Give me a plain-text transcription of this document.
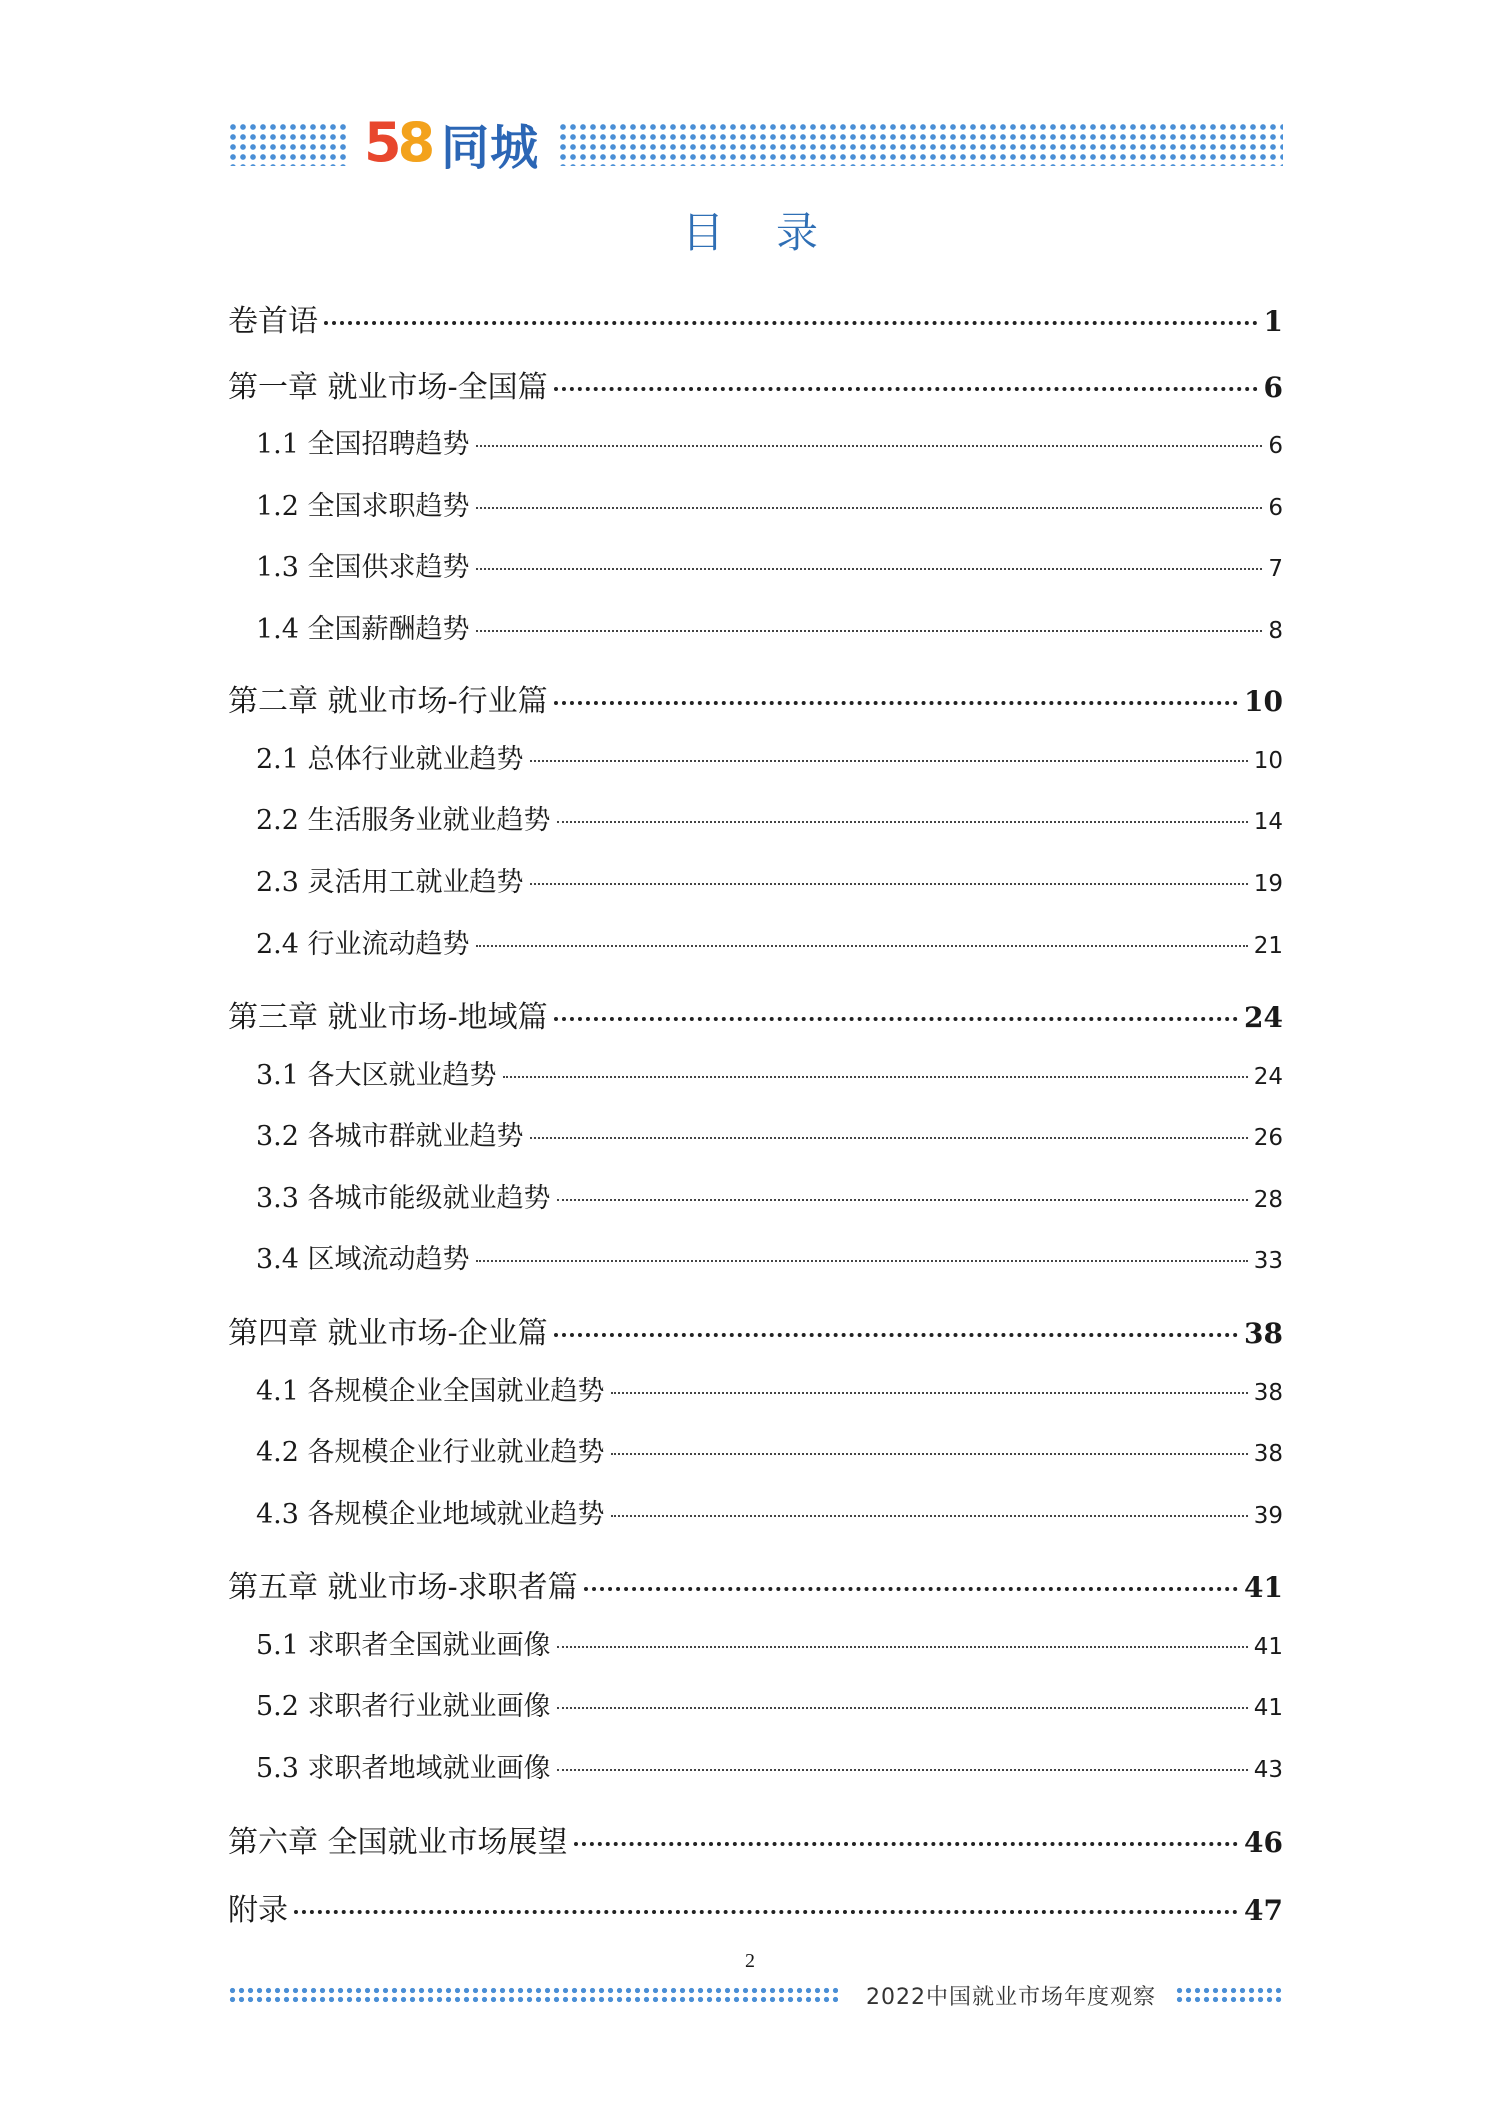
5
8 同城
目录
卷首语	1
第一章 就业市场-全国篇	6
1.1 全国招聘趋势	6
1.2 全国求职趋势	6
1.3 全国供求趋势	7
1.4 全国薪酬趋势	8
第二章 就业市场-行业篇	10
2.1 总体行业就业趋势	10
2.2 生活服务业就业趋势	14
2.3 灵活用工就业趋势	19
2.4 行业流动趋势	21
第三章 就业市场-地域篇	24
3.1 各大区就业趋势	24
3.2 各城市群就业趋势	26
3.3 各城市能级就业趋势	28
3.4 区域流动趋势	33
第四章 就业市场-企业篇	38
4.1 各规模企业全国就业趋势	38
4.2 各规模企业行业就业趋势	38
4.3 各规模企业地域就业趋势	39
第五章 就业市场-求职者篇	41
5.1 求职者全国就业画像	41
5.2 求职者行业就业画像	41
5.3 求职者地域就业画像	43
第六章 全国就业市场展望	46
附录	47
2
2022中国就业市场年度观察
